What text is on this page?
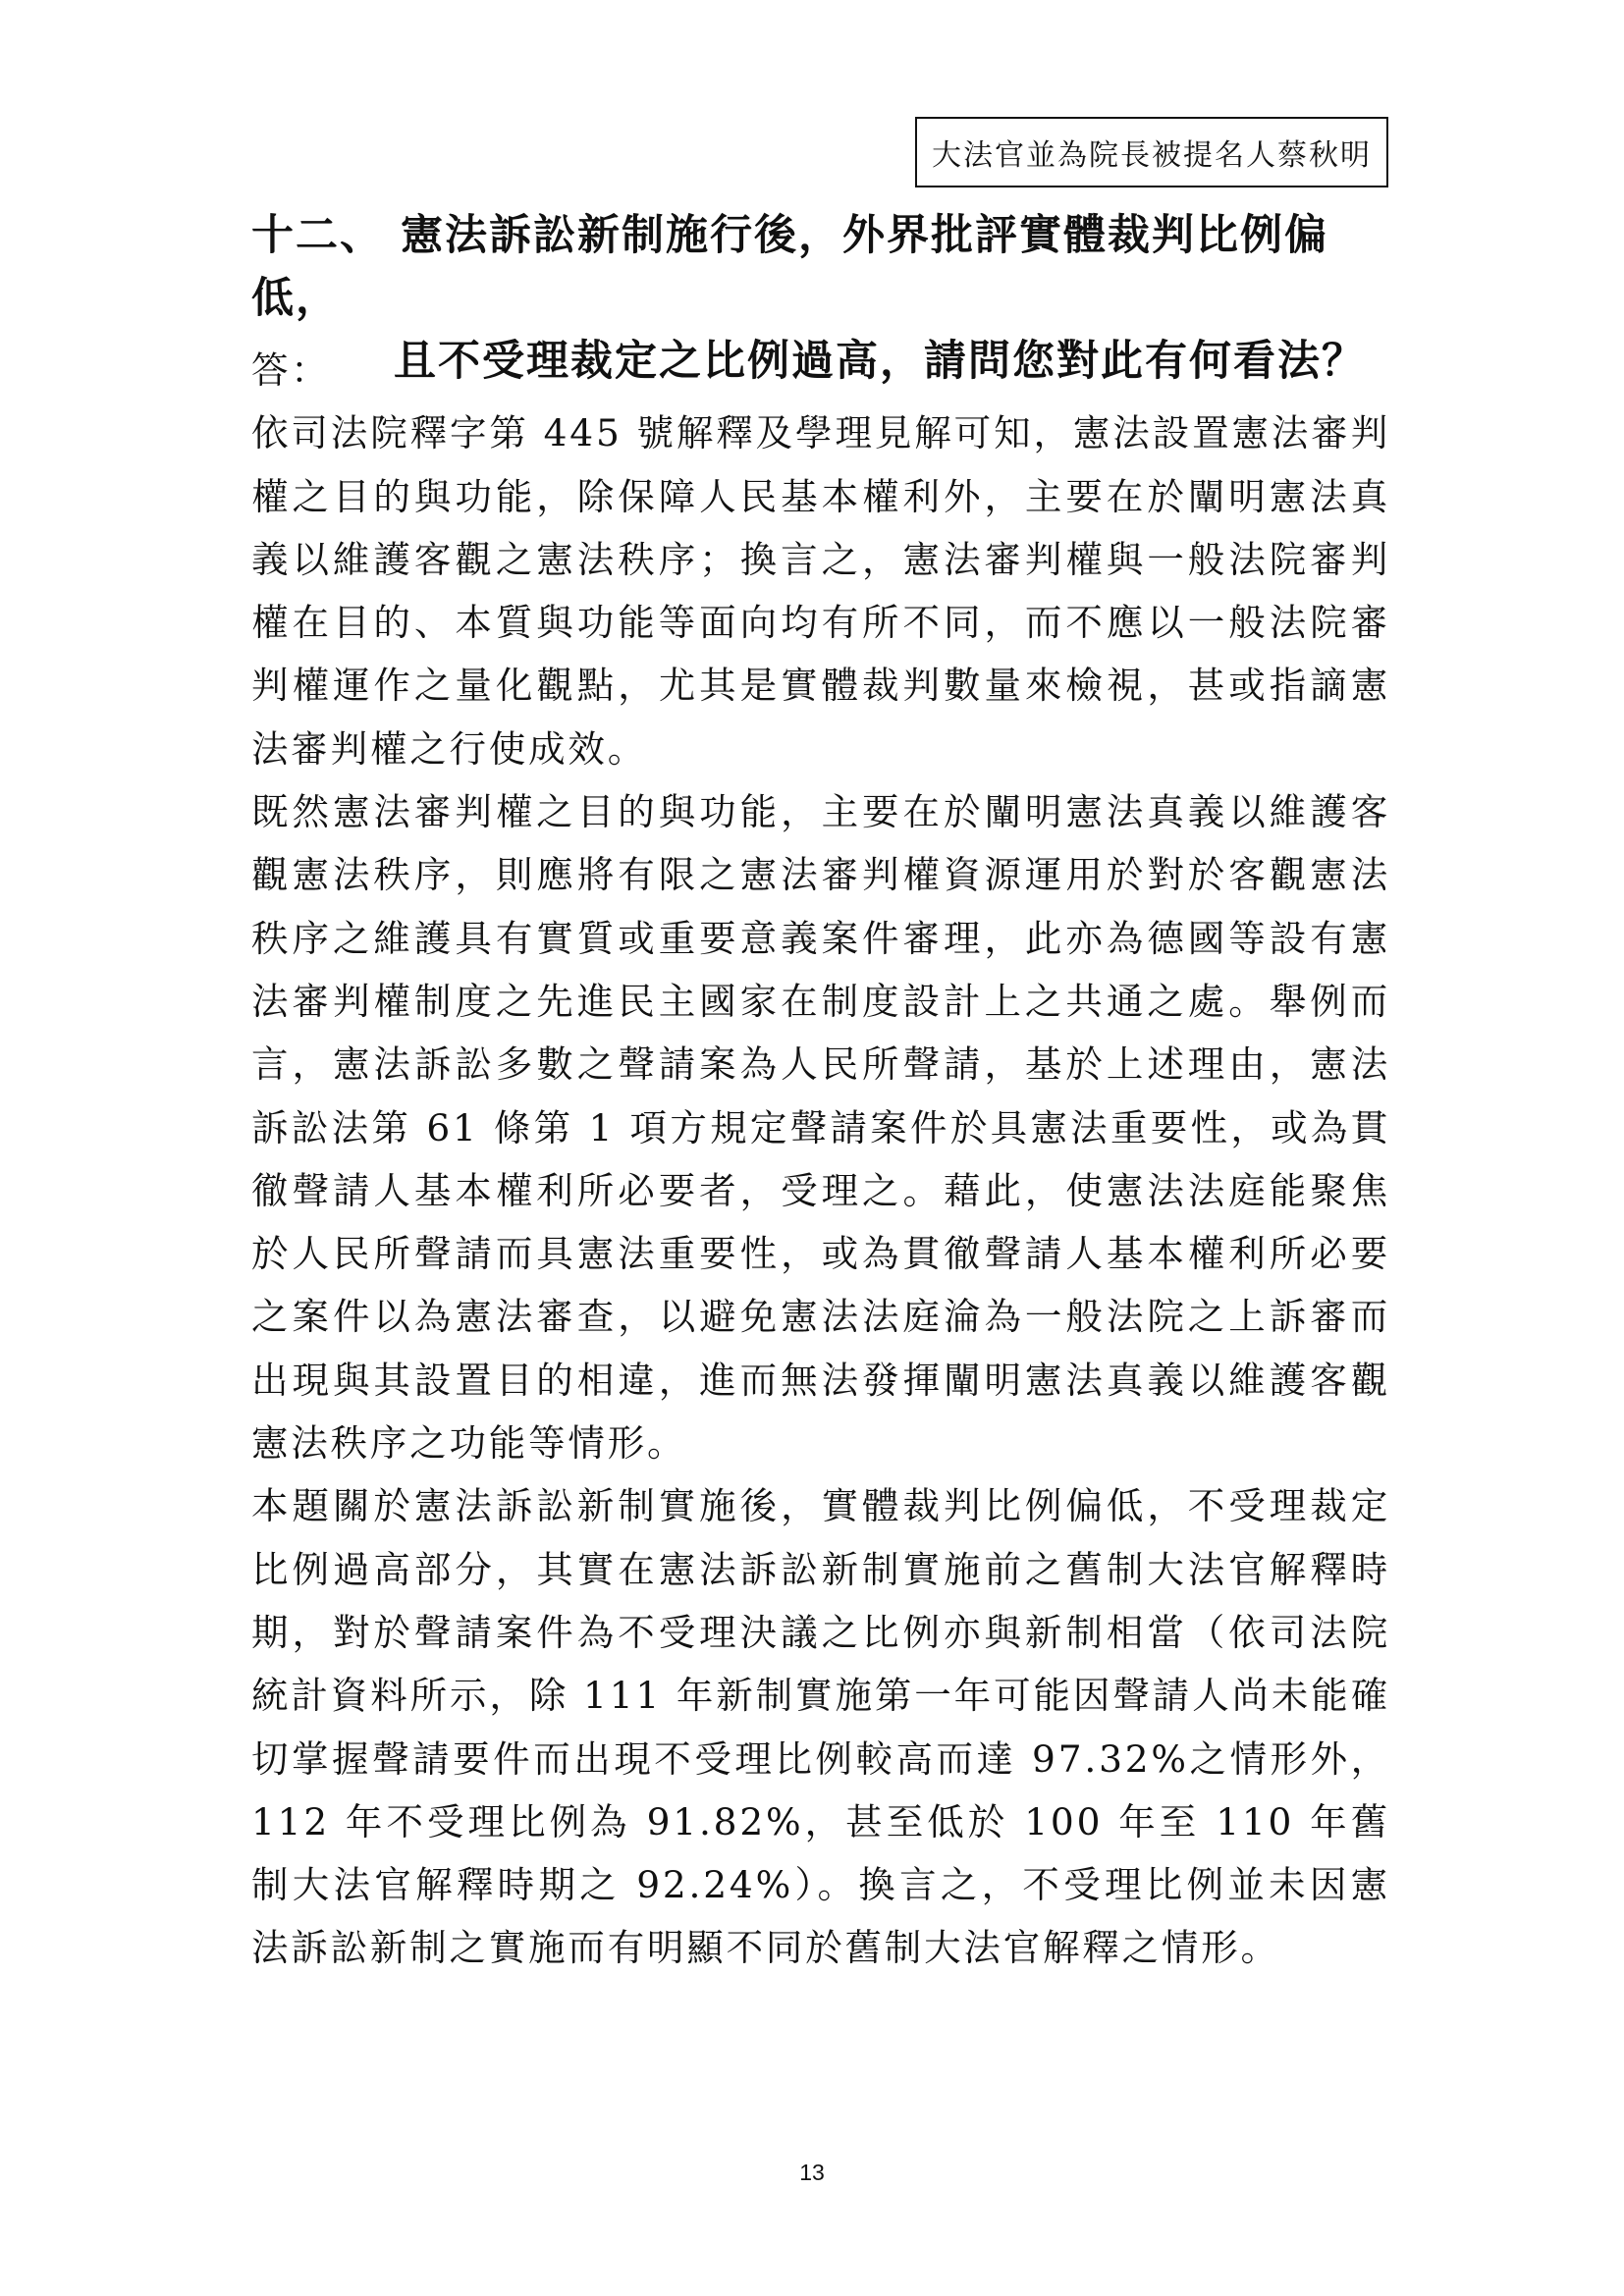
大法官並為院長被提名人蔡秋明
十二、 憲法訴訟新制施行後，外界批評實體裁判比例偏低，
且不受理裁定之比例過高，請問您對此有何看法？

答：

依司法院釋字第 445 號解釋及學理見解可知，憲法設置憲法審判權之目的與功能，除保障人民基本權利外，主要在於闡明憲法真義以維護客觀之憲法秩序；換言之，憲法審判權與一般法院審判權在目的、本質與功能等面向均有所不同，而不應以一般法院審判權運作之量化觀點，尤其是實體裁判數量來檢視，甚或指謫憲法審判權之行使成效。

既然憲法審判權之目的與功能，主要在於闡明憲法真義以維護客觀憲法秩序，則應將有限之憲法審判權資源運用於對於客觀憲法秩序之維護具有實質或重要意義案件審理，此亦為德國等設有憲法審判權制度之先進民主國家在制度設計上之共通之處。舉例而言，憲法訴訟多數之聲請案為人民所聲請，基於上述理由，憲法訴訟法第 61 條第 1 項方規定聲請案件於具憲法重要性，或為貫徹聲請人基本權利所必要者，受理之。藉此，使憲法法庭能聚焦於人民所聲請而具憲法重要性，或為貫徹聲請人基本權利所必要之案件以為憲法審查，以避免憲法法庭淪為一般法院之上訴審而出現與其設置目的相違，進而無法發揮闡明憲法真義以維護客觀憲法秩序之功能等情形。

本題關於憲法訴訟新制實施後，實體裁判比例偏低，不受理裁定比例過高部分，其實在憲法訴訟新制實施前之舊制大法官解釋時期，對於聲請案件為不受理決議之比例亦與新制相當（依司法院統計資料所示，除 111 年新制實施第一年可能因聲請人尚未能確切掌握聲請要件而出現不受理比例較高而達 97.32%之情形外，112 年不受理比例為 91.82%，甚至低於 100 年至 110 年舊制大法官解釋時期之 92.24%）。換言之，不受理比例並未因憲法訴訟新制之實施而有明顯不同於舊制大法官解釋之情形。

13
